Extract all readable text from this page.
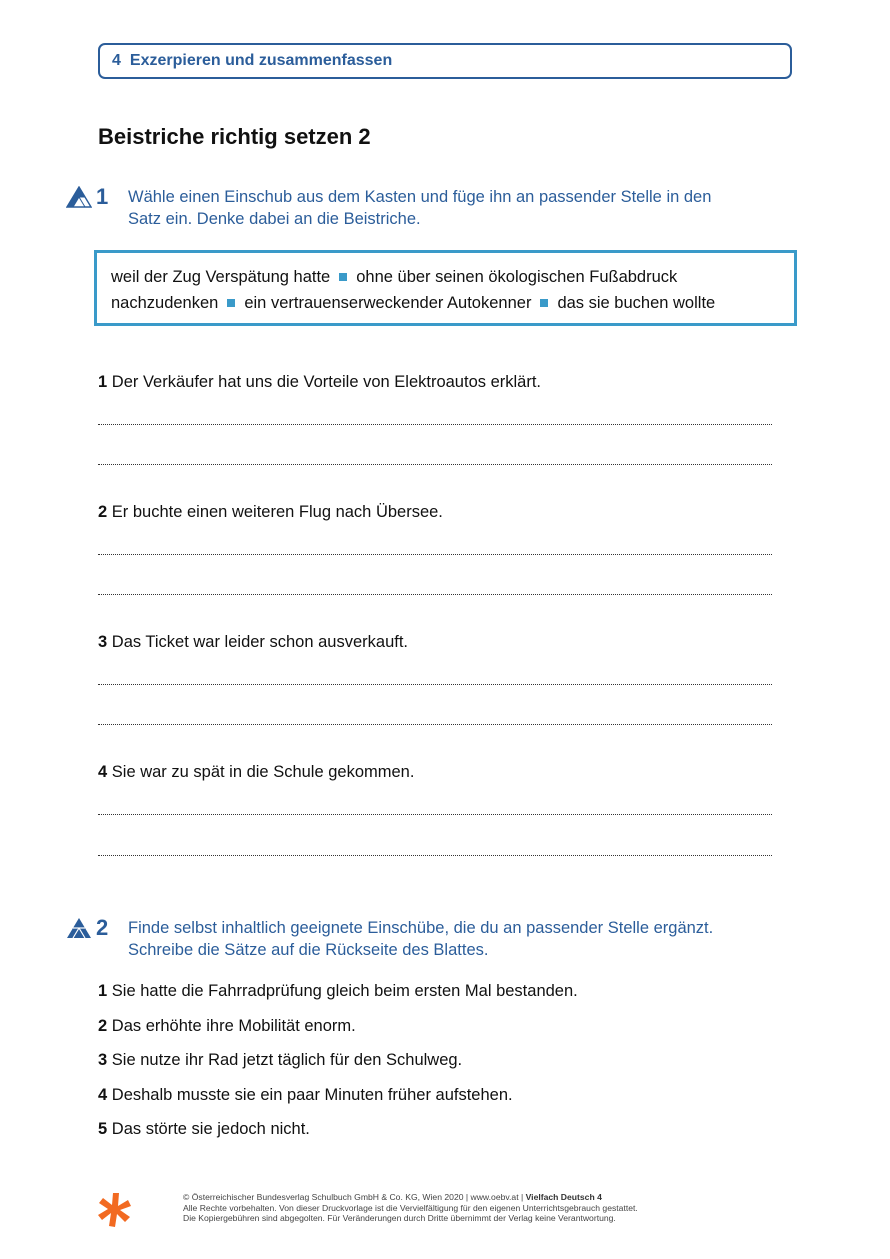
4 Exzerpieren und zusammenfassen
Beistriche richtig setzen 2
1	Wähle einen Einschub aus dem Kasten und füge ihn an passender Stelle in den
Satz ein. Denke dabei an die Beistriche.
weil der Zug Verspätung hatte ohne über seinen ökologischen Fußabdruck
nachzudenken ein vertrauenserweckender Autokenner das sie buchen wollte
1 Der Verkäufer hat uns die Vorteile von Elektroautos erklärt.
2 Er buchte einen weiteren Flug nach Übersee.
3 Das Ticket war leider schon ausverkauft.
4 Sie war zu spät in die Schule gekommen.
2	Finde selbst inhaltlich geeignete Einschübe, die du an passender Stelle ergänzt.
Schreibe die Sätze auf die Rückseite des Blattes.
1 Sie hatte die Fahrradprüfung gleich beim ersten Mal bestanden.
2 Das erhöhte ihre Mobilität enorm.
3 Sie nutze ihr Rad jetzt täglich für den Schulweg.
4 Deshalb musste sie ein paar Minuten früher aufstehen.
5 Das störte sie jedoch nicht.
© Österreichischer Bundesverlag Schulbuch GmbH & Co. KG, Wien 2020 | www.oebv.at | Vielfach Deutsch 4
Alle Rechte vorbehalten. Von dieser Druckvorlage ist die Vervielfältigung für den eigenen Unterrichtsgebrauch gestattet.
Die Kopiergebühren sind abgegolten. Für Veränderungen durch Dritte übernimmt der Verlag keine Verantwortung.
